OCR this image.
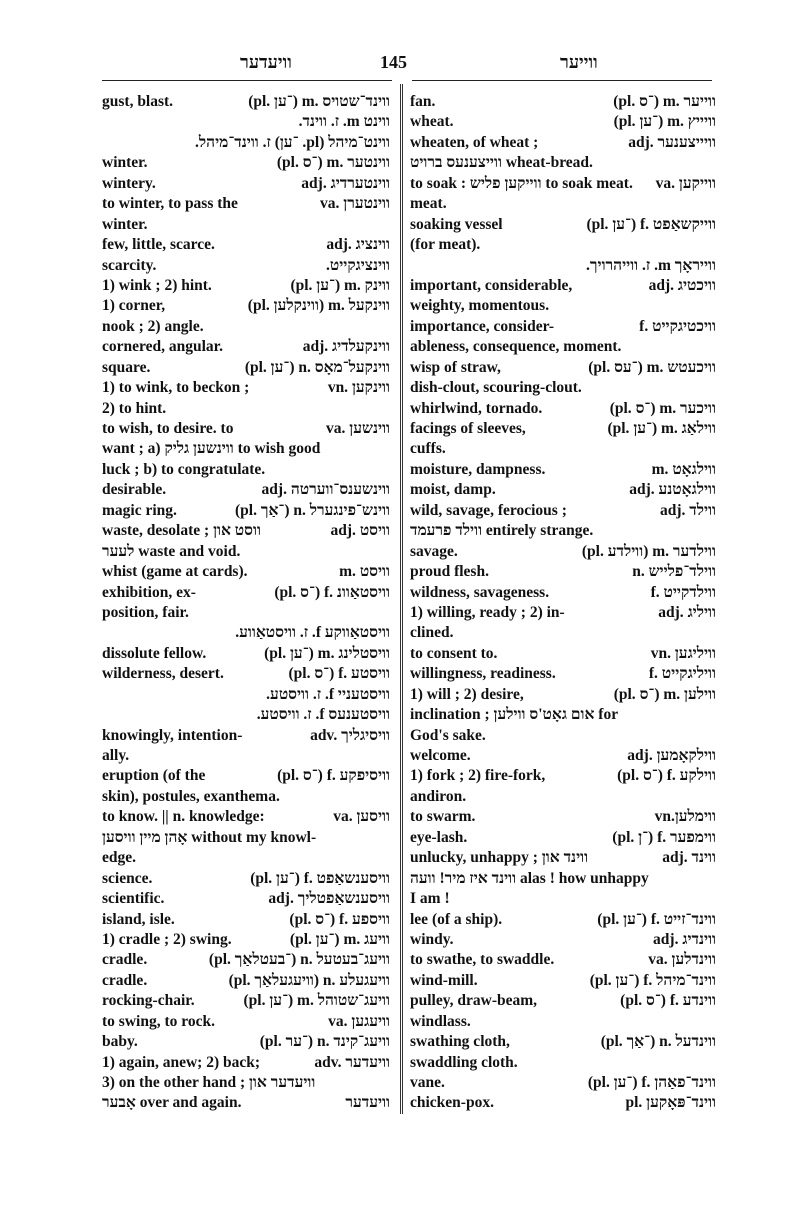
וויעדער	145	ווייער
gust, blast.	(pl. ־ען) m. ווינד־שטויס
ווינט m. ז. ווינד.
ווינט־מיהל (pl. ־ען) ז. ווינד־מיהל.
winter.	(pl. ־ס) m. ווינטער
wintery.	adj. ווינטערדיג
to winter, to pass the	va. ווינטערן
winter.
few, little, scarce.	adj. ווינציג
scarcity.	ווינציגקייט.
1) wink ; 2) hint.	(pl. ־ען) m. ווינק
1) corner,	(pl. ווינקלען) m. ווינקעל
nook ; 2) angle.
cornered, angular.	adj. ווינקעלדיג
square.	(pl. ־ען) n. ווינקעל־מאָס
1) to wink, to beckon ;	vn. ווינקען
2) to hint.
to wish, to desire. to	va. ווינשען
want ; a) ווינשען גליק to wish good
luck ; b) to congratulate.
desirable.	adj. ווינשענס־ווערטה
magic ring.	(pl. ־אַך) n. ווינש־פינגערל
waste, desolate ; ווסט און	adj. וויסט
לעער waste and void.
whist (game at cards).	m. וויסט
exhibition, ex-	(pl. ־ס) f. וויסטאַוונ
position, fair.
וויסטאַווקע f. ז. וויסטאַווע.
dissolute fellow.	(pl. ־ען) m. וויסטלינג
wilderness, desert.	(pl. ־ס) f. וויסטע
וויסטעניי f. ז. וויסטע.
וויסטענעס f. ז. וויסטע.
knowingly, intention-	adv. וויסיגליך
ally.
eruption (of the	(pl. ־ס) f. וויסיפקע
skin), postules, exanthema.
to know. || n. knowledge:	va. וויסען
אָהן מיין וויסען without my knowl-
edge.
science.	(pl. ־ען) f. וויסענשאַפט
scientific.	adj. וויסענשאַפטליך
island, isle.	(pl. ־ס) f. וויספע
1) cradle ; 2) swing.	(pl. ־ען) m. וויעג
cradle.	(pl. ־בעטלאַך) n. וויעג־בעטעל
cradle.	(pl. וויעגעלאַך) n. וויעגעלע
rocking-chair.	(pl. ־ען) m. וויעג־שטוהל
to swing, to rock.	va. וויעגען
baby.	(pl. ־ער) n. וויעג־קינד
1) again, anew; 2) back;	adv. וויעדער
3) on the other hand ; וויעדער און
אָבער over and again.	וויעדער
fan.	(pl. ־ס) m. ווייער
wheat.	(pl. ־ען) m. וויייץ
wheaten, of wheat ;	adj. וויייצענער
ווייצענעס ברויט wheat-bread.
to soak : ווייקען פליש to soak meat.	va. ווייקען
meat.
soaking vessel	(pl. ־ען) f. ווייקשאַפט
(for meat).
ווייראָך m. ז. ווייהרויך.
important, considerable,	adj. וויכטיג
weighty, momentous.
importance, consider-	f. וויכטיגקייט
ableness, consequence, moment.
wisp of straw,	(pl. ־עס) m. וויכעטש
dish-clout, scouring-clout.
whirlwind, tornado.	(pl. ־ס) m. וויכער
facings of sleeves,	(pl. ־ען) m. ווילאַג
cuffs.
moisture, dampness.	m. ווילגאָט
moist, damp.	adj. ווילגאָטנע
wild, savage, ferocious ;	adj. ווילד
ווילד פרעמד entirely strange.
savage.	(pl. ווילדע) m. ווילדער
proud flesh.	n. ווילד־פלייש
wildness, savageness.	f. ווילדקייט
1) willing, ready ; 2) in-	adj. וויליג
clined.
to consent to.	vn. וויליגען
willingness, readiness.	f. וויליגקייט
1) will ; 2) desire,	(pl. ־ס) m. ווילען
inclination ; אום גאָט'ס ווילען for
God's sake.
welcome.	adj. ווילקאָמען
1) fork ; 2) fire-fork,	(pl. ־ס) f. ווילקע
andiron.
to swarm.	vn.ווימלען
eye-lash.	(pl. ־ן) f. ווימפער
unlucky, unhappy ; ווינד און	adj. ווינד
ווינד איז מיר! וועה alas ! how unhappy
I am !
lee (of a ship).	(pl. ־ען) f. ווינד־זייט
windy.	adj. ווינדיג
to swathe, to swaddle.	va. ווינדלען
wind-mill.	(pl. ־ען) f. ווינד־מיהל
pulley, draw-beam,	(pl. ־ס) f. ווינדע
windlass.
swathing cloth,	(pl. ־אַך) n. ווינדעל
swaddling cloth.
vane.	(pl. ־ען) f. ווינד־פאַהן
chicken-pox.	pl. ווינד־פּאָקען
